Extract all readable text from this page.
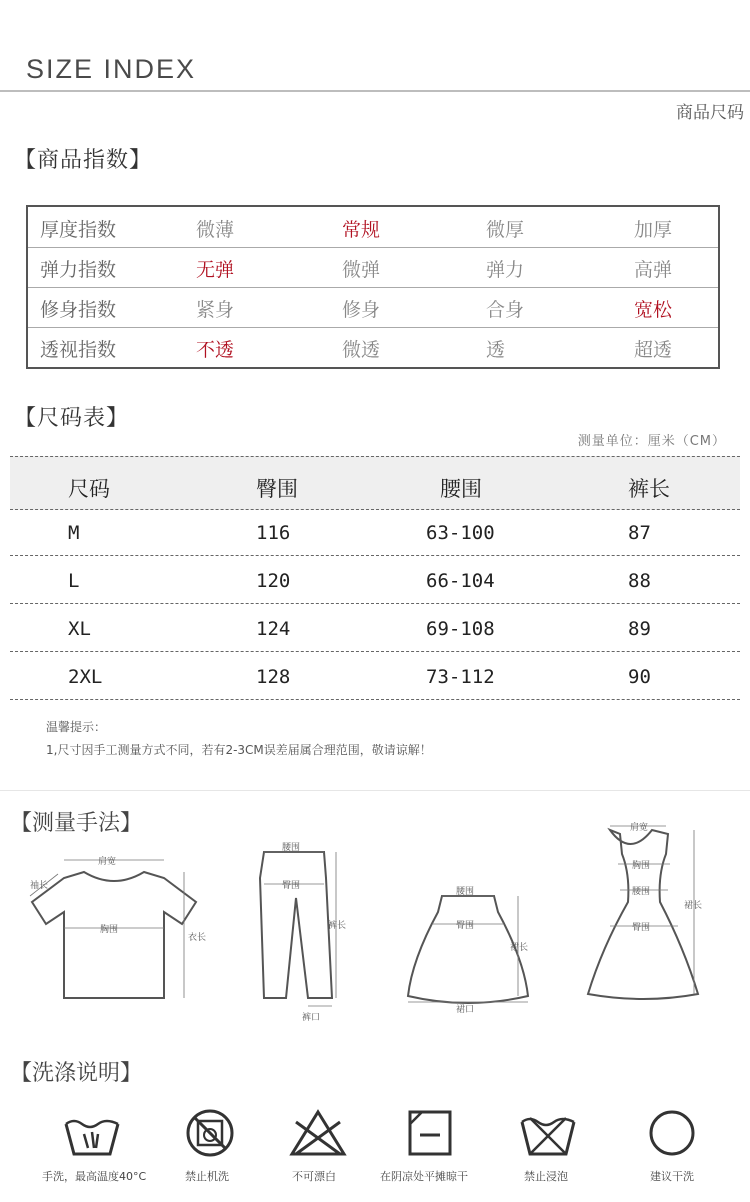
SIZE INDEX
商品尺码
【商品指数】
厚度指数	微薄	常规	微厚	加厚
弹力指数	无弹	微弹	弹力	高弹
修身指数	紧身	修身	合身	宽松
透视指数	不透	微透	透	超透
【尺码表】
测量单位：厘米（CM）
尺码	臀围	腰围	裤长
M	116	63-100	87
L	120	66-104	88
XL	124	69-108	89
2XL	128	73-112	90
温馨提示：
1,尺寸因手工测量方式不同，若有2-3CM误差届属合理范围，敬请谅解！
【测量手法】
肩宽
胸围
衣长
袖长
腰围
臀围
裤长
裤口
腰围
臀围
裙长
裙口
肩宽
胸围
腰围
臀围
裙长
【洗涤说明】
手洗，最高温度40°C	禁止机洗	不可漂白	在阴凉处平摊晾干	禁止浸泡	建议干洗
